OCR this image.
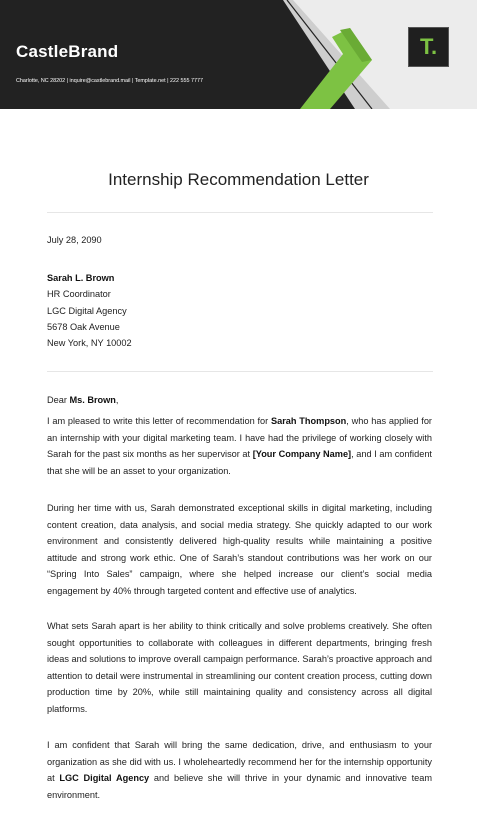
CastleBrand
Charlotte, NC 28202 | inquire@castlebrand.mail | Template.net | 222 555 7777
T.
Internship Recommendation Letter
July 28, 2090
Sarah L. Brown
HR Coordinator
LGC Digital Agency
5678 Oak Avenue
New York, NY 10002
Dear Ms. Brown,
I am pleased to write this letter of recommendation for Sarah Thompson, who has applied for an internship with your digital marketing team. I have had the privilege of working closely with Sarah for the past six months as her supervisor at [Your Company Name], and I am confident that she will be an asset to your organization.
During her time with us, Sarah demonstrated exceptional skills in digital marketing, including content creation, data analysis, and social media strategy. She quickly adapted to our work environment and consistently delivered high-quality results while maintaining a positive attitude and strong work ethic. One of Sarah’s standout contributions was her work on our “Spring Into Sales” campaign, where she helped increase our client’s social media engagement by 40% through targeted content and effective use of analytics.
What sets Sarah apart is her ability to think critically and solve problems creatively. She often sought opportunities to collaborate with colleagues in different departments, bringing fresh ideas and solutions to improve overall campaign performance. Sarah’s proactive approach and attention to detail were instrumental in streamlining our content creation process, cutting down production time by 20%, while still maintaining quality and consistency across all digital platforms.
I am confident that Sarah will bring the same dedication, drive, and enthusiasm to your organization as she did with us. I wholeheartedly recommend her for the internship opportunity at LGC Digital Agency and believe she will thrive in your dynamic and innovative team environment.
